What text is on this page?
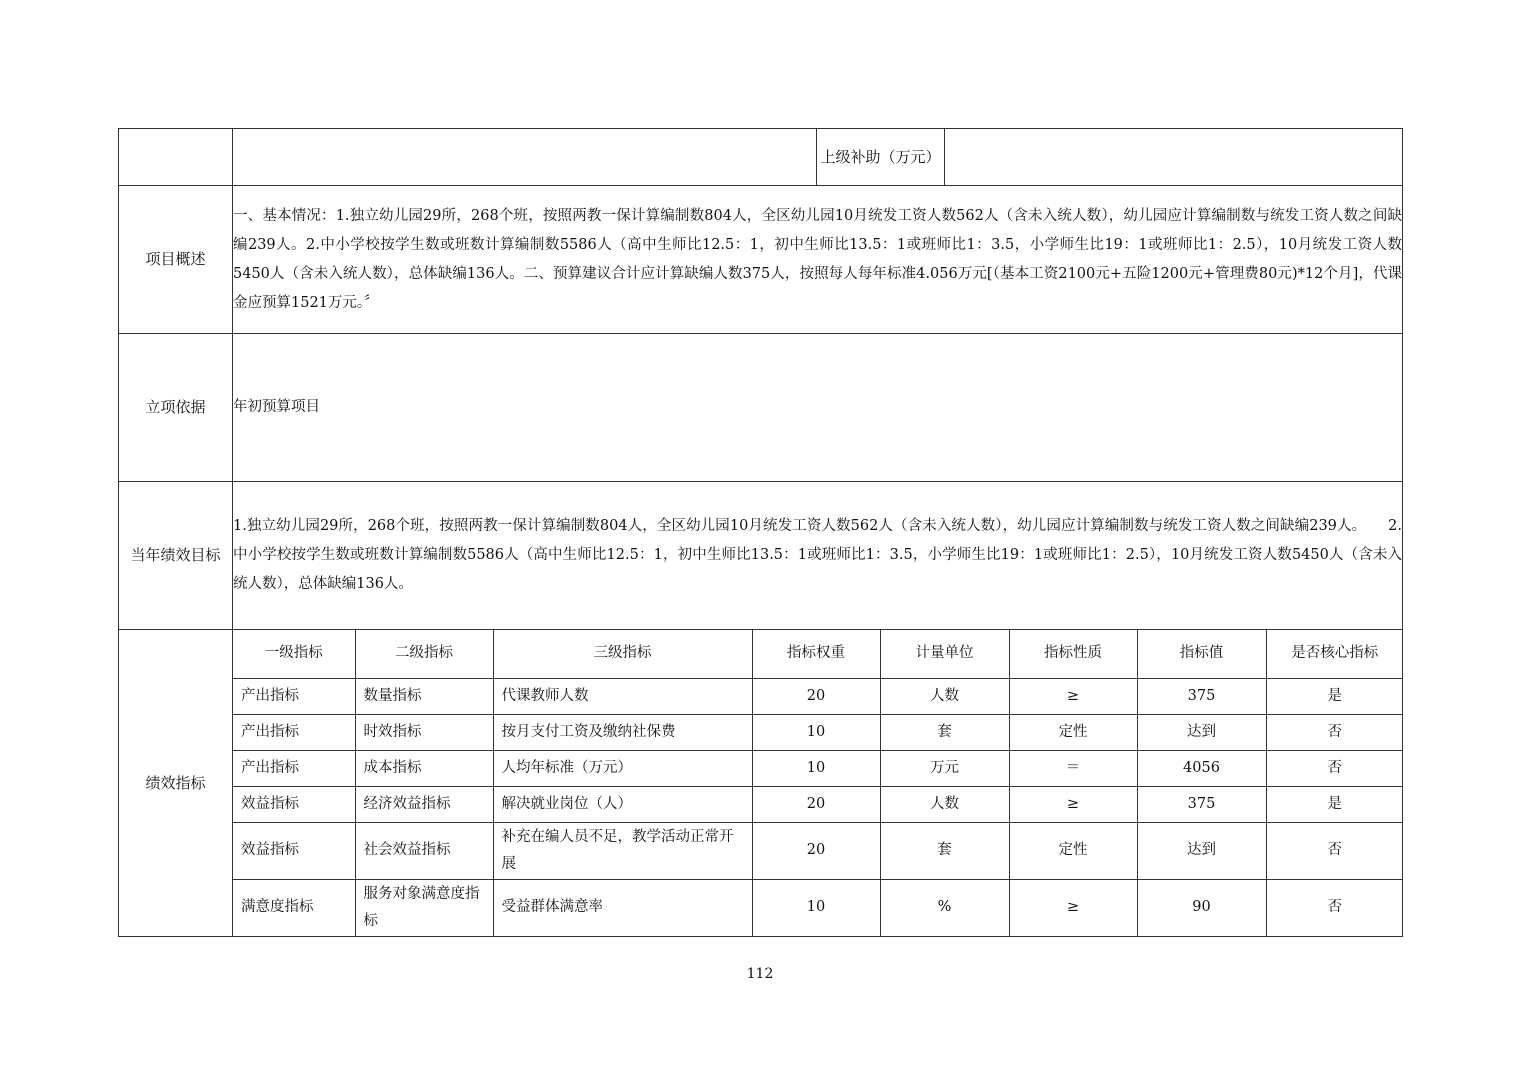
		上级补助（万元）	
项目概述	一、基本情况：1.独立幼儿园29所，268个班，按照两教一保计算编制数804人，全区幼儿园10月统发工资人数562人（含未入统人数），幼儿园应计算编制数与统发工资人数之间缺编239人。2.中小学校按学生数或班数计算编制数5586人（高中生师比12.5：1，初中生师比13.5：1或班师比1：3.5，小学师生比19：1或班师比1：2.5），10月统发工资人数5450人（含未入统人数），总体缺编136人。二、预算建议合计应计算缺编人数375人，按照每人每年标准4.056万元[（基本工资2100元+五险1200元+管理费80元)*12个月]，代课金应预算1521万元。〞
立项依据	年初预算项目
当年绩效目标	1.独立幼儿园29所，268个班，按照两教一保计算编制数804人，全区幼儿园10月统发工资人数562人（含未入统人数），幼儿园应计算编制数与统发工资人数之间缺编239人。　　2.中小学校按学生数或班数计算编制数5586人（高中生师比12.5：1，初中生师比13.5：1或班师比1：3.5，小学师生比19：1或班师比1：2.5），10月统发工资人数5450人（含未入统人数），总体缺编136人。
绩效指标	
一级指标	二级指标	三级指标	指标权重	计量单位	指标性质	指标值	是否核心指标
产出指标	数量指标	代课教师人数	20	人数	≥	375	是
产出指标	时效指标	按月支付工资及缴纳社保费	10	套	定性	达到	否
产出指标	成本指标	人均年标准（万元）	10	万元	＝	4056	否
效益指标	经济效益指标	解决就业岗位（人）	20	人数	≥	375	是
效益指标	社会效益指标	补充在编人员不足，教学活动正常开展	20	套	定性	达到	否
满意度指标	服务对象满意度指标	受益群体满意率	10	%	≥	90	否
112
